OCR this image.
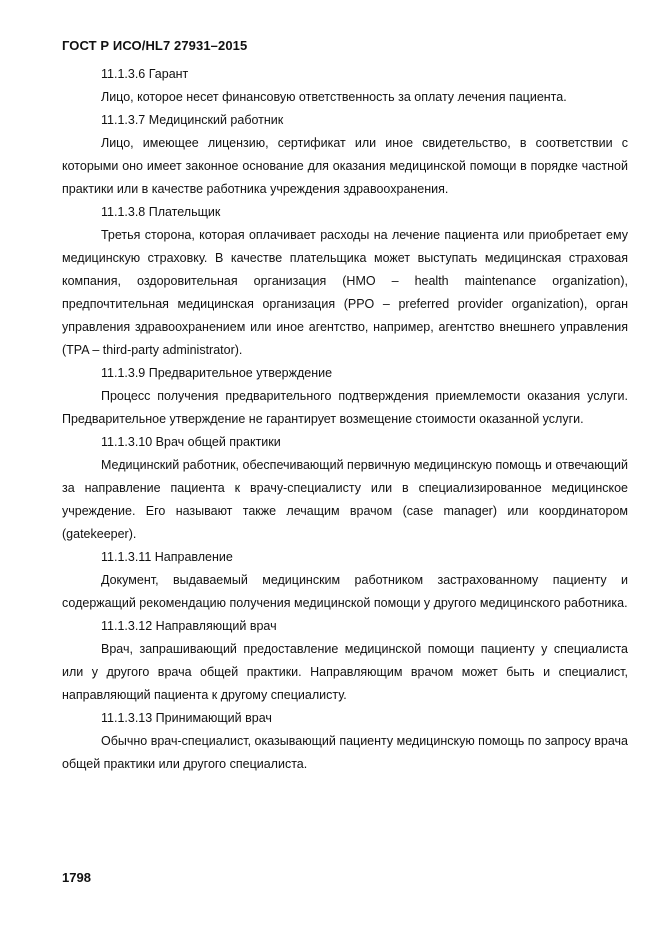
ГОСТ Р ИСО/HL7 27931–2015

11.1.3.6 Гарант

Лицо, которое несет финансовую ответственность за оплату лечения пациента.

11.1.3.7 Медицинский работник

Лицо, имеющее лицензию, сертификат или иное свидетельство, в соответствии с которыми оно имеет законное основание для оказания медицинской помощи в порядке частной практики или в качестве работника учреждения здравоохранения.

11.1.3.8 Плательщик

Третья сторона, которая оплачивает расходы на лечение пациента или приобретает ему медицинскую страховку. В качестве плательщика может выступать медицинская страховая компания, оздоровительная организация (HMO – health maintenance organization), предпочтительная медицинская организация (PPO – preferred provider organization), орган управления здравоохранением или иное агентство, например, агентство внешнего управления (TPA – third-party administrator).

11.1.3.9 Предварительное утверждение

Процесс получения предварительного подтверждения приемлемости оказания услуги. Предварительное утверждение не гарантирует возмещение стоимости оказанной услуги.

11.1.3.10 Врач общей практики

Медицинский работник, обеспечивающий первичную медицинскую помощь и отвечающий за направление пациента к врачу-специалисту или в специализированное медицинское учреждение. Его называют также лечащим врачом (case manager) или координатором (gatekeeper).

11.1.3.11 Направление

Документ, выдаваемый медицинским работником застрахованному пациенту и содержащий рекомендацию получения медицинской помощи у другого медицинского работника.

11.1.3.12 Направляющий врач

Врач, запрашивающий предоставление медицинской помощи пациенту у специалиста или у другого врача общей практики. Направляющим врачом может быть и специалист, направляющий пациента к другому специалисту.

11.1.3.13 Принимающий врач

Обычно врач-специалист, оказывающий пациенту медицинскую помощь по запросу врача общей практики или другого специалиста.

1798
